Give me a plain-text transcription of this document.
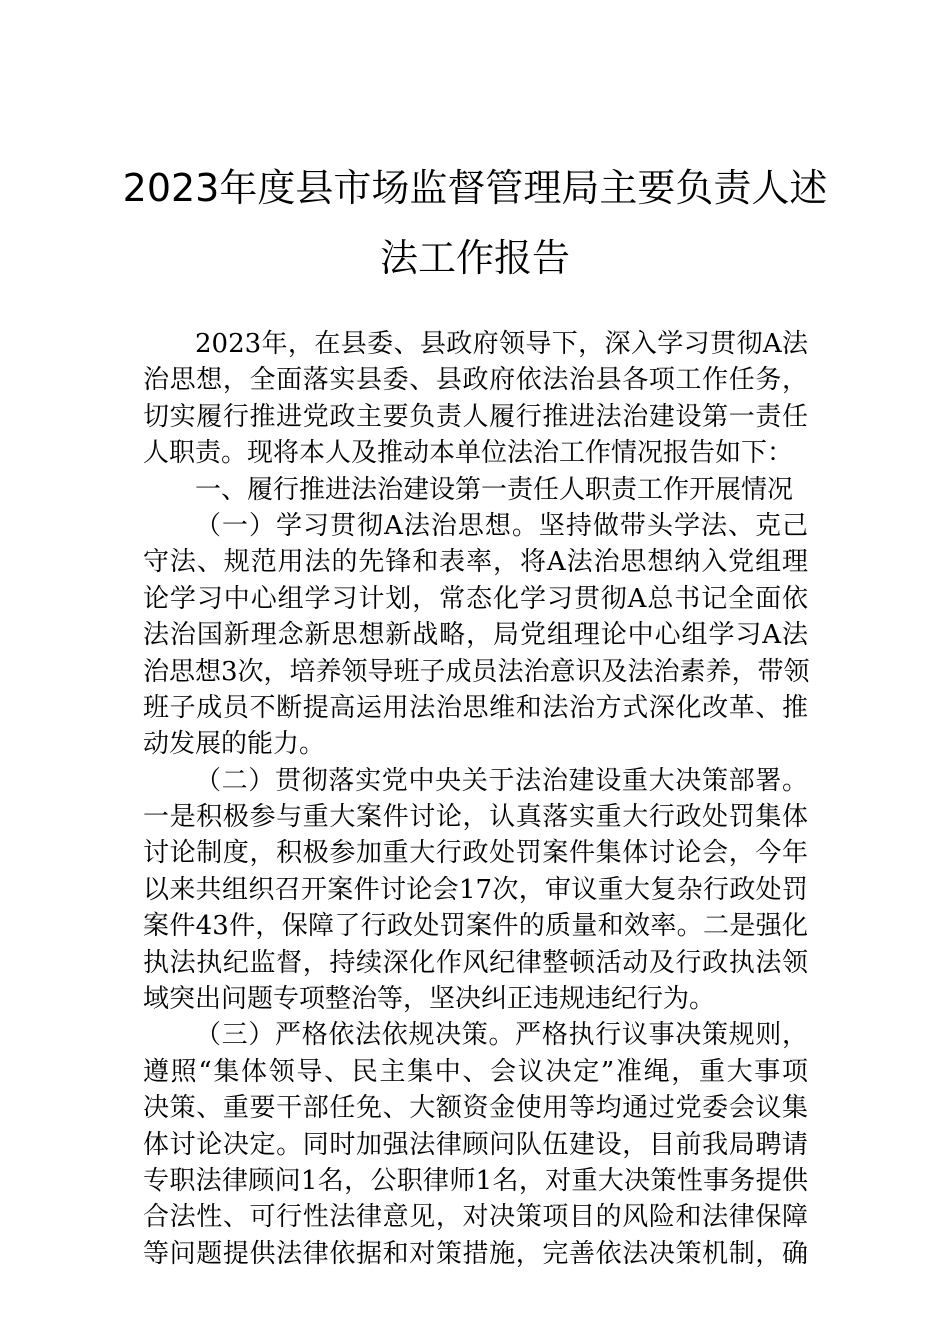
2023年度县市场监督管理局主要负责人述
法工作报告
2023年，在县委、县政府领导下，深入学习贯彻A法
治思想，全面落实县委、县政府依法治县各项工作任务，
切实履行推进党政主要负责人履行推进法治建设第一责任
人职责。现将本人及推动本单位法治工作情况报告如下：
一、履行推进法治建设第一责任人职责工作开展情况
（一）学习贯彻A法治思想。坚持做带头学法、克己
守法、规范用法的先锋和表率，将A法治思想纳入党组理
论学习中心组学习计划，常态化学习贯彻A总书记全面依
法治国新理念新思想新战略，局党组理论中心组学习A法
治思想3次，培养领导班子成员法治意识及法治素养，带领
班子成员不断提高运用法治思维和法治方式深化改革、推
动发展的能力。
（二）贯彻落实党中央关于法治建设重大决策部署。
一是积极参与重大案件讨论，认真落实重大行政处罚集体
讨论制度，积极参加重大行政处罚案件集体讨论会，今年
以来共组织召开案件讨论会17次，审议重大复杂行政处罚
案件43件，保障了行政处罚案件的质量和效率。二是强化
执法执纪监督，持续深化作风纪律整顿活动及行政执法领
域突出问题专项整治等，坚决纠正违规违纪行为。
（三）严格依法依规决策。严格执行议事决策规则，
遵照“集体领导、民主集中、会议决定”准绳，重大事项
决策、重要干部任免、大额资金使用等均通过党委会议集
体讨论决定。同时加强法律顾问队伍建设，目前我局聘请
专职法律顾问1名，公职律师1名，对重大决策性事务提供
合法性、可行性法律意见，对决策项目的风险和法律保障
等问题提供法律依据和对策措施，完善依法决策机制，确
